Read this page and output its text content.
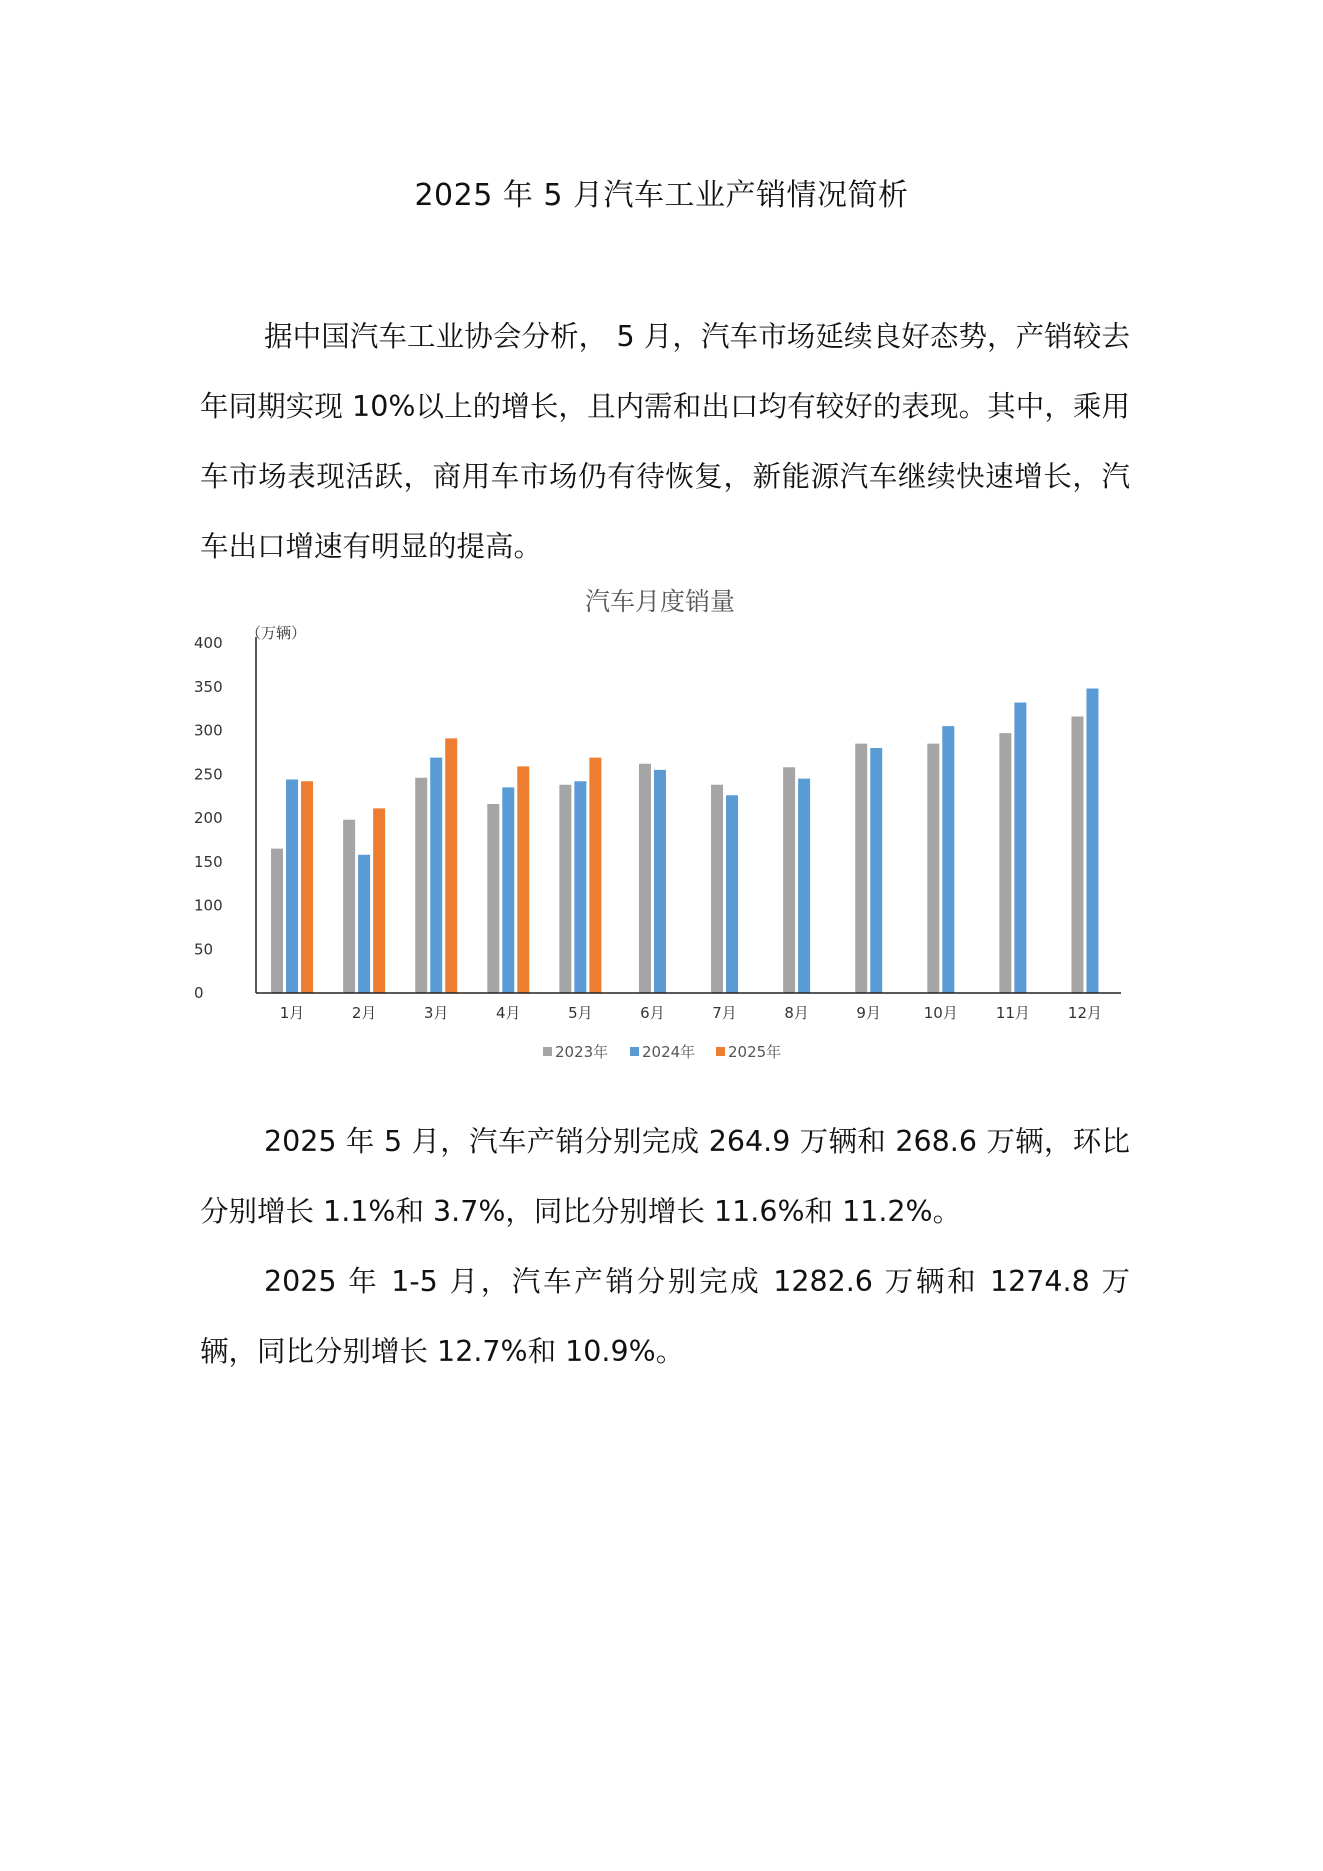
2025 年 5 月汽车工业产销情况简析

据中国汽车工业协会分析， 5 月，汽车市场延续良好态势，产销较去年同期实现 10%以上的增长，且内需和出口均有较好的表现。其中，乘用车市场表现活跃，商用车市场仍有待恢复，新能源汽车继续快速增长，汽车出口增速有明显的提高。

汽车月度销量
（万辆）
1月	2月	3月	4月	5月	6月	7月	8月	9月	10月	11月	12月
0
50
100
150
200
250
300
350
400
2023年 2024年 2025年

2025 年 5 月，汽车产销分别完成 264.9 万辆和 268.6 万辆，环比分别增长 1.1%和 3.7%，同比分别增长 11.6%和 11.2%。

2025 年 1-5 月，汽车产销分别完成 1282.6 万辆和 1274.8 万辆，同比分别增长 12.7%和 10.9%。
